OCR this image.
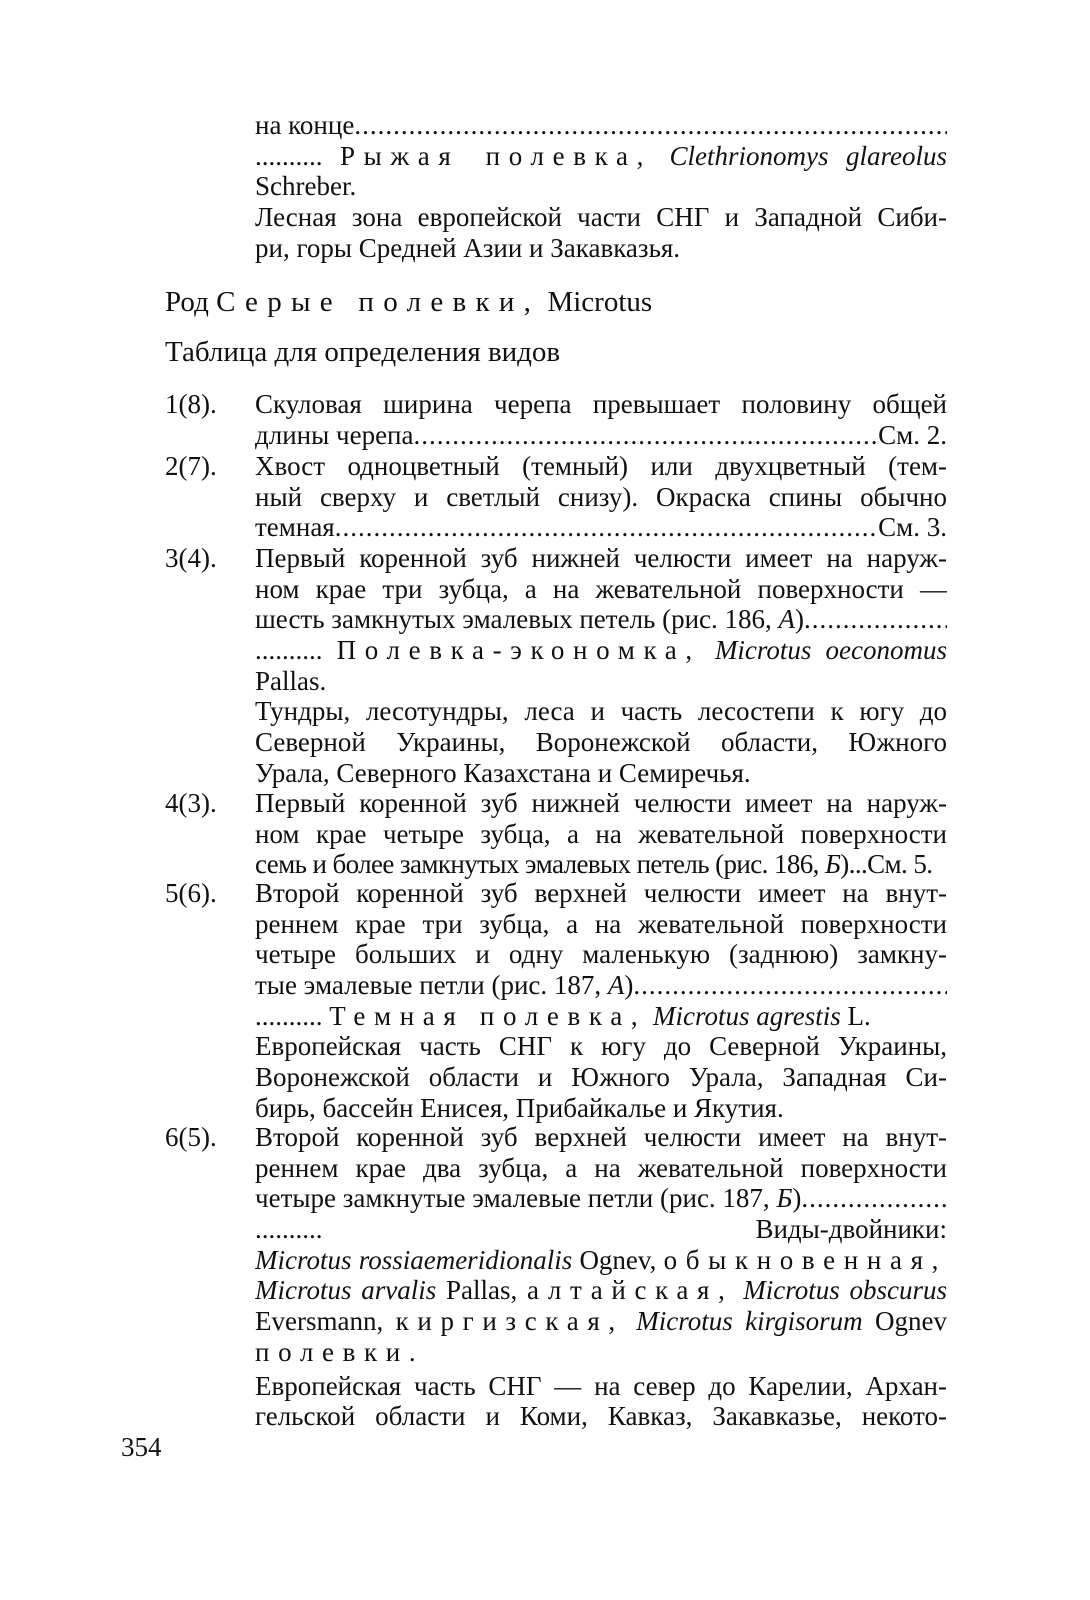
на конце
.....
.......... Рыжая полевка, Clethrionomys glareolus
Schreber.
Лесная зона европейской части СНГ и Западной Сиби-
ри, горы Средней Азии и Закавказья.
Род Серые полевки, Microtus
Таблица для определения видов
1(8).	Скуловая ширина черепа превышает половину общей
длины черепа .....	См. 2.
2(7).	Хвост одноцветный (темный) или двухцветный (тем-
ный сверху и светлый снизу). Окраска спины обычно
темная .....	См. 3.
3(4).	Первый коренной зуб нижней челюсти имеет на наруж-
ном крае три зубца, а на жевательной поверхности —
шесть замкнутых эмалевых петель (рис. 186,
А )
.....
.......... Полевка-экономка, Microtus oeconomus
Pallas.
Тундры, лесотундры, леса и часть лесостепи к югу до
Северной Украины, Воронежской области, Южного
Урала, Северного Казахстана и Семиречья.
4(3).	Первый коренной зуб нижней челюсти имеет на наруж-
ном крае четыре зубца, а на жевательной поверхности
семь и более замкнутых эмалевых петель (рис. 186, Б)...См. 5.
5(6).	Второй коренной зуб верхней челюсти имеет на внут-
реннем крае три зубца, а на жевательной поверхности
четыре больших и одну маленькую (заднюю) замкну-
тые эмалевые петли (рис. 187,
А )
.....
.......... Темная полевка, Microtus agrestis L.
Европейская часть СНГ к югу до Северной Украины,
Воронежской области и Южного Урала, Западная Си-
бирь, бассейн Енисея, Прибайкалье и Якутия.
6(5).	Второй коренной зуб верхней челюсти имеет на внут-
реннем крае два зубца, а на жевательной поверхности
четыре замкнутые эмалевые петли (рис. 187,
Б )
.....
..........	Виды-двойники:
Microtus rossiaemeridionalis Ognev, обыкновенная,
Microtus arvalis Pallas, алтайская, Microtus obscurus
Eversmann, киргизская, Microtus kirgisorum Ognev
полевки.
Европейская часть СНГ — на север до Карелии, Архан-
гельской области и Коми, Кавказ, Закавказье, некото-
354
